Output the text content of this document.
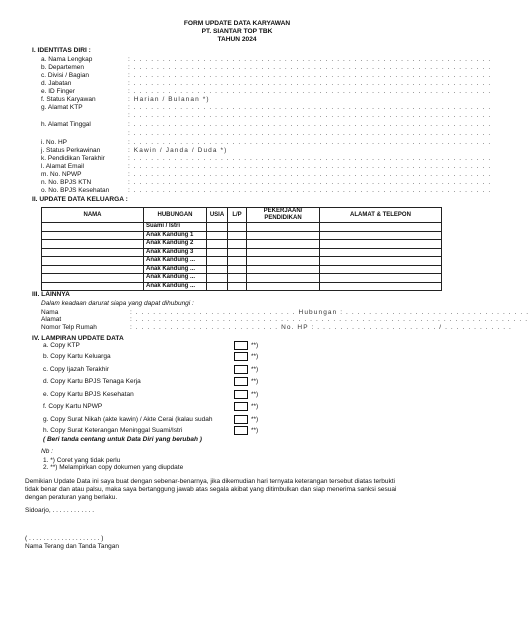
FORM UPDATE DATA KARYAWAN
PT. SIANTAR TOP TBK
TAHUN 2024
I. IDENTITAS DIRI :
a. Nama Lengkap	: . . . . . . . . . . . . . . . . . . . . . . . . . . . . . . . . . . . . . . . . . . . . . . . . . . . . . . . . . . . . . .
b. Departemen	: . . . . . . . . . . . . . . . . . . . . . . . . . . . . . . . . . . . . . . . . . . . . . . . . . . . . . . . . . . . . . .
c. Divisi / Bagian	: . . . . . . . . . . . . . . . . . . . . . . . . . . . . . . . . . . . . . . . . . . . . . . . . . . . . . . . . . . . . . .
d. Jabatan	: . . . . . . . . . . . . . . . . . . . . . . . . . . . . . . . . . . . . . . . . . . . . . . . . . . . . . . . . . . . . . .
e. ID Finger	: . . . . . . . . . . . . . . . . . . . . . . . . . . . . . . . . . . . . . . . . . . . . . . . . . . . . . . . . . . . . . .
f. Status Karyawan	: Harian / Bulanan *)
g. Alamat KTP	: . . . . . . . . . . . . . . . . . . . . . . . . . . . . . . . . . . . . . . . . . . . . . . . . . . . . . . . . . . . . . .
: . . . . . . . . . . . . . . . . . . . . . . . . . . . . . . . . . . . . . . . . . . . . . . . . . . . . . . . . . . . . . .
h. Alamat Tinggal	: . . . . . . . . . . . . . . . . . . . . . . . . . . . . . . . . . . . . . . . . . . . . . . . . . . . . . . . . . . . . . .
: . . . . . . . . . . . . . . . . . . . . . . . . . . . . . . . . . . . . . . . . . . . . . . . . . . . . . . . . . . . . . .
i. No. HP	: . . . . . . . . . . . . . . . . . . . . . . . . . . . . . . . . . . . . . . . . . . . . . . . . . . . . . . . . . . . . . .
j. Status Perkawinan	: Kawin / Janda / Duda *)
k. Pendidikan Terakhir	: . . . . . . . . . . . . . . . . . . . . . . . . . . . . . . . . . . . . . . . . . . . . . . . . . . . . . . . . . . . . . .
l. Alamat Email	: . . . . . . . . . . . . . . . . . . . . . . . . . . . . . . . . . . . . . . . . . . . . . . . . . . . . . . . . . . . . . .
m. No. NPWP	: . . . . . . . . . . . . . . . . . . . . . . . . . . . . . . . . . . . . . . . . . . . . . . . . . . . . . . . . . . . . . .
n. No. BPJS KTN	: . . . . . . . . . . . . . . . . . . . . . . . . . . . . . . . . . . . . . . . . . . . . . . . . . . . . . . . . . . . . . .
o. No. BPJS Kesehatan	: . . . . . . . . . . . . . . . . . . . . . . . . . . . . . . . . . . . . . . . . . . . . . . . . . . . . . . . . . . . . . .
II. UPDATE DATA KELUARGA :
NAMA	HUBUNGAN	USIA	L/P	PEKERJAAN/ PENDIDIKAN	ALAMAT & TELEPON
	Suami / Istri				
	Anak Kandung 1				
	Anak Kandung 2				
	Anak Kandung 3				
	Anak Kandung ...				
	Anak Kandung ...				
	Anak Kandung ...				
	Anak Kandung ...				
III. LAINNYA
Dalam keadaan darurat siapa yang dapat dihubungi :
Nama	: . . . . . . . . . . . . . . . . . . . . . . . . . . . . Hubungan : . . . . . . . . . . . . . . . . . . . . . . . . . . . . . . . .
Alamat	: . . . . . . . . . . . . . . . . . . . . . . . . . . . . . . . . . . . . . . . . . . . . . . . . . . . . . . . . . . . . . . . . . . . .
Nomor Telp Rumah	: . . . . . . . . . . . . . . . . . . . . . . . . . No. HP : . . . . . . . . . . . . . . . . . . . . . / . . . . . . . . . . . .
IV. LAMPIRAN UPDATE DATA
a. Copy KTP	**)
b. Copy Kartu Keluarga	**)
c. Copy Ijazah Terakhir	**)
d. Copy Kartu BPJS Tenaga Kerja	**)
e. Copy Kartu BPJS Kesehatan	**)
f. Copy Kartu NPWP	**)
g. Copy Surat Nikah (akte kawin) / Akte Cerai (kalau sudah	**)
h. Copy Surat Keterangan Meninggal Suami/Istri	**)
( Beri tanda centang untuk Data Diri yang berubah )
Nb :
1. *) Coret yang tidak perlu
2. **) Melampirkan copy dokumen yang diupdate
Demikian Update Data ini saya buat dengan sebenar-benarnya, jika dikemudian hari ternyata keterangan tersebut diatas terbukti
tidak benar dan atau palsu, maka saya bertanggung jawab atas segala akibat yang ditimbulkan dan siap menerima sanksi sesuai
dengan peraturan yang berlaku.
Sidoarjo, . . . . . . . . . . . .
( . . . . . . . . . . . . . . . . . . . . )
Nama Terang dan Tanda Tangan
